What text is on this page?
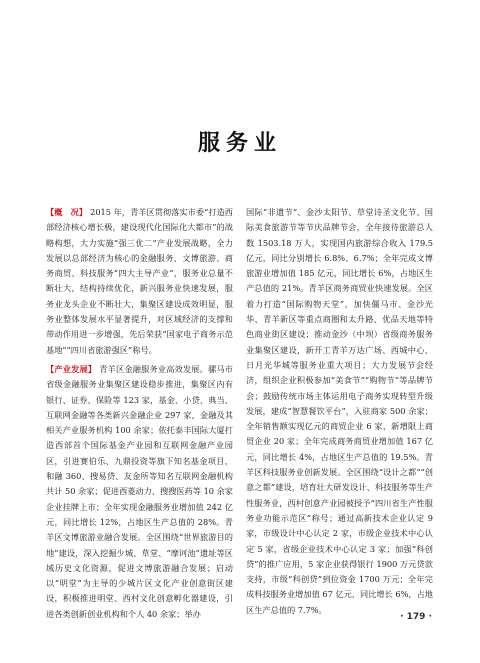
服务业

【概　况】 2015 年，青羊区贯彻落实市委“打造西部经济核心增长极，建设现代化国际化大都市”的战略构想，大力实施“强三优二”产业发展战略，全力发展以总部经济为核心的金融服务、文博旅游、商务商贸、科技服务“四大主导产业”，服务业总量不断壮大，结构持续优化，新兴服务业快速发展，服务业龙头企业不断壮大，集聚区建设成效明显，服务业整体发展水平显著提升，对区域经济的支撑和带动作用进一步增强，先后荣获“国家电子商务示范基地”“四川省旅游强区”称号。

【产业发展】 青羊区金融服务业高效发展。骡马市省级金融服务业集聚区建设稳步推进，集聚区内有银行、证券、保险等 123 家，基金、小贷、典当、互联网金融等各类新兴金融企业 297 家，金融及其相关产业服务机构 100 余家；依托泰丰国际大厦打造西部首个国际基金产业园和互联网金融产业园区，引进赛伯乐、九鼎投资等旗下知名基金项目，和融 360、搜易贷、友金所等知名互联网金融机构共计 50 余家；促进西菱动力、搜搜医药等 10 余家企业挂牌上市；全年实现金融服务业增加值 242 亿元，同比增长 12%，占地区生产总值的 28%。青羊区文博旅游业融合发展。全区围绕“世界旅游目的地”建设，深入挖掘少城、草堂、“摩诃池”遗址等区域历史文化资源，促进文博旅游融合发展；启动以“明堂”为主导的少城片区文化产业创意街区建设，积极推进明堂、西村文化创意孵化器建设，引进各类创新创业机构和个人 40 余家；举办

国际“非遗节”、金沙太阳节、草堂诗圣文化节、国际美食旅游节等节庆品牌节会，全年接待旅游总人数 1503.18 万人，实现国内旅游综合收入 179.5 亿元，同比分别增长 6.8%、6.7%；全年完成文博旅游业增加值 185 亿元，同比增长 6%，占地区生产总值的 21%。青羊区商务商贸业快速发展。全区着力打造“国际购物天堂”，加快僵马市、金沙光华、青羊新区等重点商圈和太升路、优品天地等特色商业街区建设；推动金沙（中坝）省级商务服务业集聚区建设，新开工青羊万达广场、西城中心、日月光华城等服务业重大项目；大力发展节会经济，组织企业积极参加“美食节”“购物节”等品牌节会；鼓励传统市场主体运用电子商务实现转型升级发展，建成“智慧餐饮平台”，入驻商家 500 余家；全年销售额实现亿元的商贸企业 6 家，新增限上商贸企业 20 家；全年完成商务商贸业增加值 167 亿元，同比增长 4%，占地区生产总值的 19.5%。青羊区科技服务业创新发展。全区围绕“设计之都”“创意之都”建设，培育壮大研发设计、科技服务等生产性服务业，西村创意产业园被授予“四川省生产性服务业功能示范区”称号；通过高新技术企业认定 9 家，市级设计中心认定 2 家，市级企业技术中心认定 5 家，省级企业技术中心认定 3 家；加强“科创贷”的推广应用，5 家企业获得银行 1900 万元贷款支持，市级“科创贷”到位资金 1700 万元；全年完成科技服务业增加值 67 亿元，同比增长 6%，占地区生产总值的 7.7%。

· 179 ·
